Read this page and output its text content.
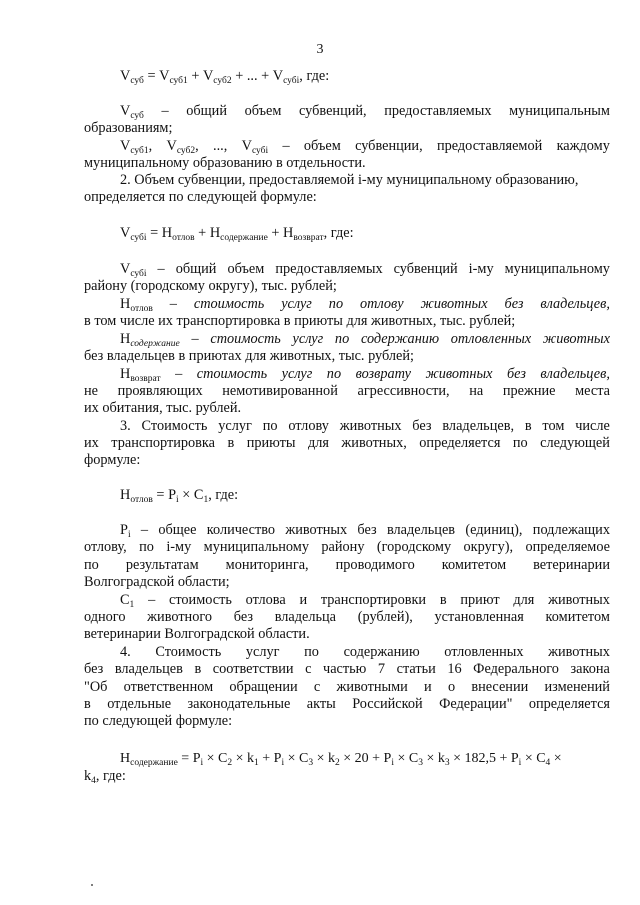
3
$V_{суб} = V_{суб1} + V_{суб2}$ + ... + $V_{субi}$, где:
$V_{суб}$ – общий объем субвенций, предоставляемых муниципальным
образованиям;
$V_{суб1}$, $V_{суб2}$, ..., $V_{субi}$ – объем субвенции, предоставляемой каждому
муниципальному образованию в отдельности.
2. Объем субвенции, предоставляемой i-му муниципальному образованию,
определяется по следующей формуле:
$V_{субi} = Н_{отлов} + Н_{содержание} + Н_{возврат}$, где:
$V_{субi}$ – общий объем предоставляемых субвенций i-му муниципальному
району (городскому округу), тыс. рублей;
$Н_{отлов}$ – стоимость услуг по отлову животных без владельцев,
в том числе их транспортировка в приюты для животных, тыс. рублей;
$Н_{содержание}$ – стоимость услуг по содержанию отловленных животных
без владельцев в приютах для животных, тыс. рублей;
$Н_{возврат}$ – стоимость услуг по возврату животных без владельцев,
не проявляющих немотивированной агрессивности, на прежние места
их обитания, тыс. рублей.
3. Стоимость услуг по отлову животных без владельцев, в том числе
их транспортировка в приюты для животных, определяется по следующей
формуле:
$Н_{отлов} = P_i \times С_1$, где:
$P_i$ – общее количество животных без владельцев (единиц), подлежащих
отлову, по i-му муниципальному району (городскому округу), определяемое
по результатам мониторинга, проводимого комитетом ветеринарии
Волгоградской области;
$С_1$ – стоимость отлова и транспортировки в приют для животных
одного животного без владельца (рублей), установленная комитетом
ветеринарии Волгоградской области.
4. Стоимость услуг по содержанию отловленных животных
без владельцев в соответствии с частью 7 статьи 16 Федерального закона
"Об ответственном обращении с животными и о внесении изменений
в отдельные законодательные акты Российской Федерации" определяется
по следующей формуле:
$Н_{содержание} = P_i \times С_2 \times k_1 + P_i \times С_3 \times k_2 \times 20 + P_i \times С_3 \times k_3 \times 182,5 + P_i \times С_4$ ×
$k_4$, где:
